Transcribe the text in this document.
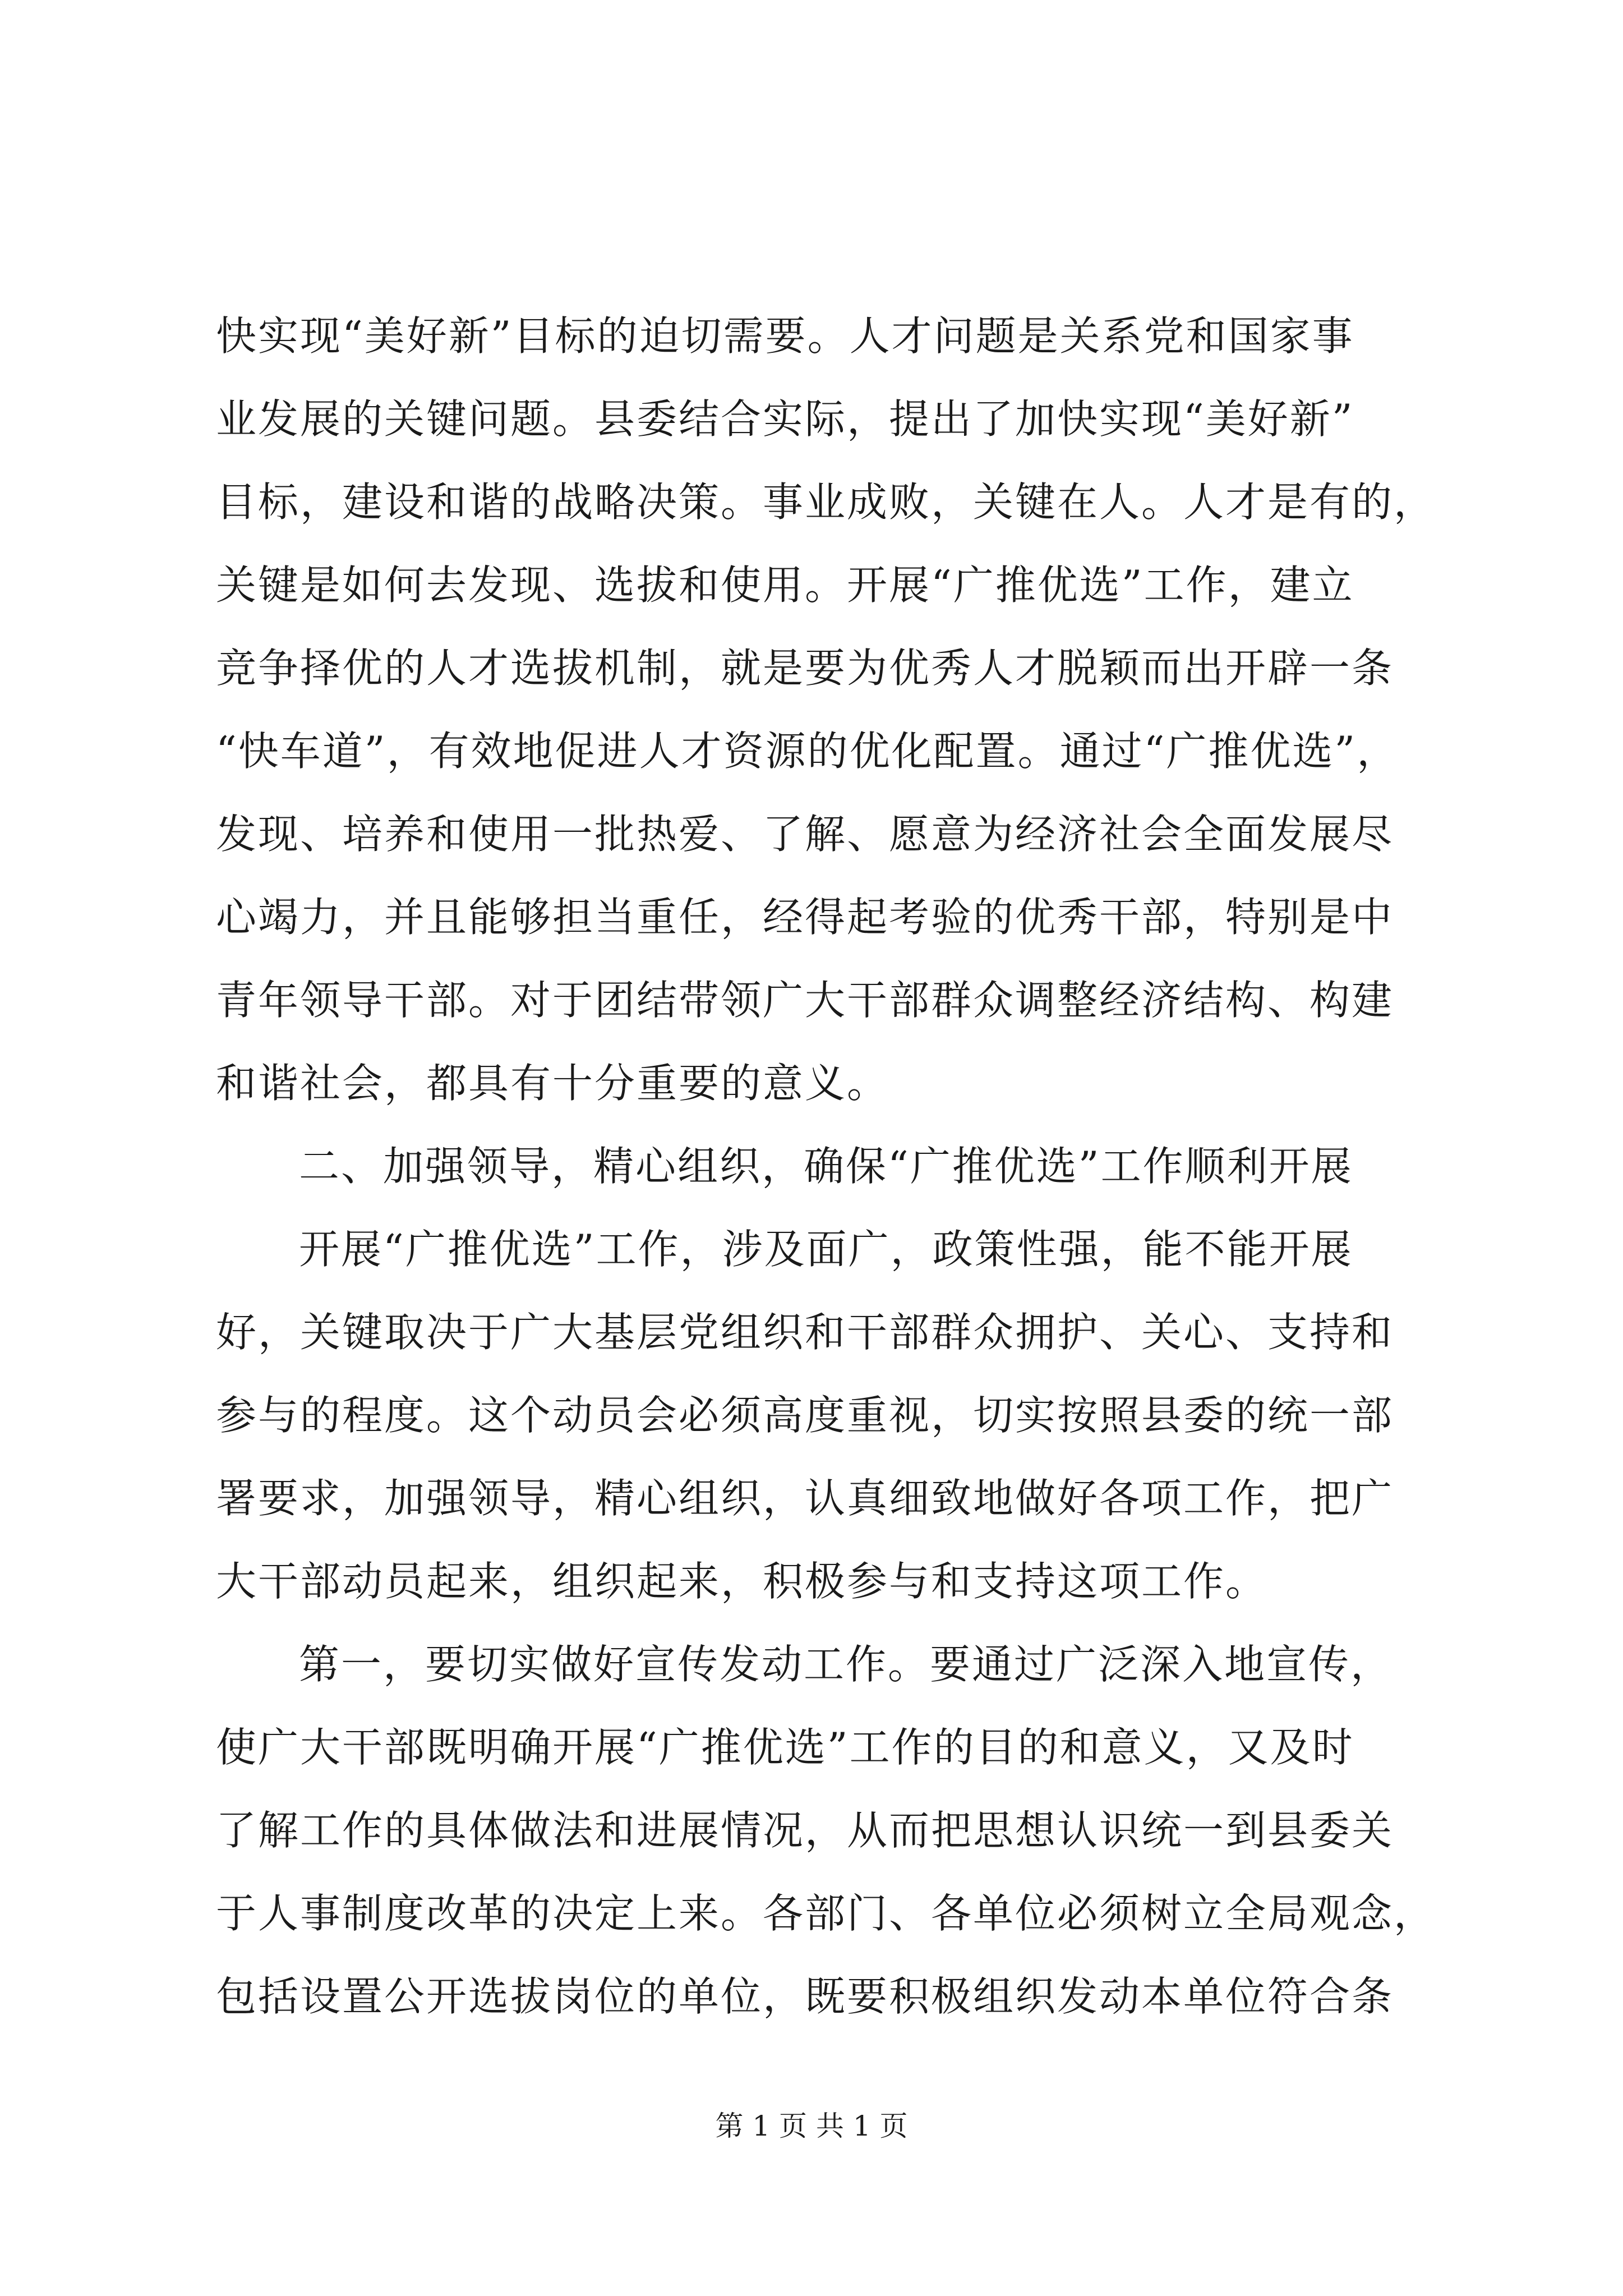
快实现“美好新”目标的迫切需要。人才问题是关系党和国家事
业发展的关键问题。县委结合实际，提出了加快实现“美好新”
目标，建设和谐的战略决策。事业成败，关键在人。人才是有的，
关键是如何去发现、选拔和使用。开展“广推优选”工作，建立
竞争择优的人才选拔机制，就是要为优秀人才脱颖而出开辟一条
“快车道”，有效地促进人才资源的优化配置。通过“广推优选”，
发现、培养和使用一批热爱、了解、愿意为经济社会全面发展尽
心竭力，并且能够担当重任，经得起考验的优秀干部，特别是中
青年领导干部。对于团结带领广大干部群众调整经济结构、构建
和谐社会，都具有十分重要的意义。
二、加强领导，精心组织，确保“广推优选”工作顺利开展
开展“广推优选”工作，涉及面广，政策性强，能不能开展
好，关键取决于广大基层党组织和干部群众拥护、关心、支持和
参与的程度。这个动员会必须高度重视，切实按照县委的统一部
署要求，加强领导，精心组织，认真细致地做好各项工作，把广
大干部动员起来，组织起来，积极参与和支持这项工作。
第一，要切实做好宣传发动工作。要通过广泛深入地宣传，
使广大干部既明确开展“广推优选”工作的目的和意义，又及时
了解工作的具体做法和进展情况，从而把思想认识统一到县委关
于人事制度改革的决定上来。各部门、各单位必须树立全局观念，
包括设置公开选拔岗位的单位，既要积极组织发动本单位符合条
第 1 页 共 1 页
